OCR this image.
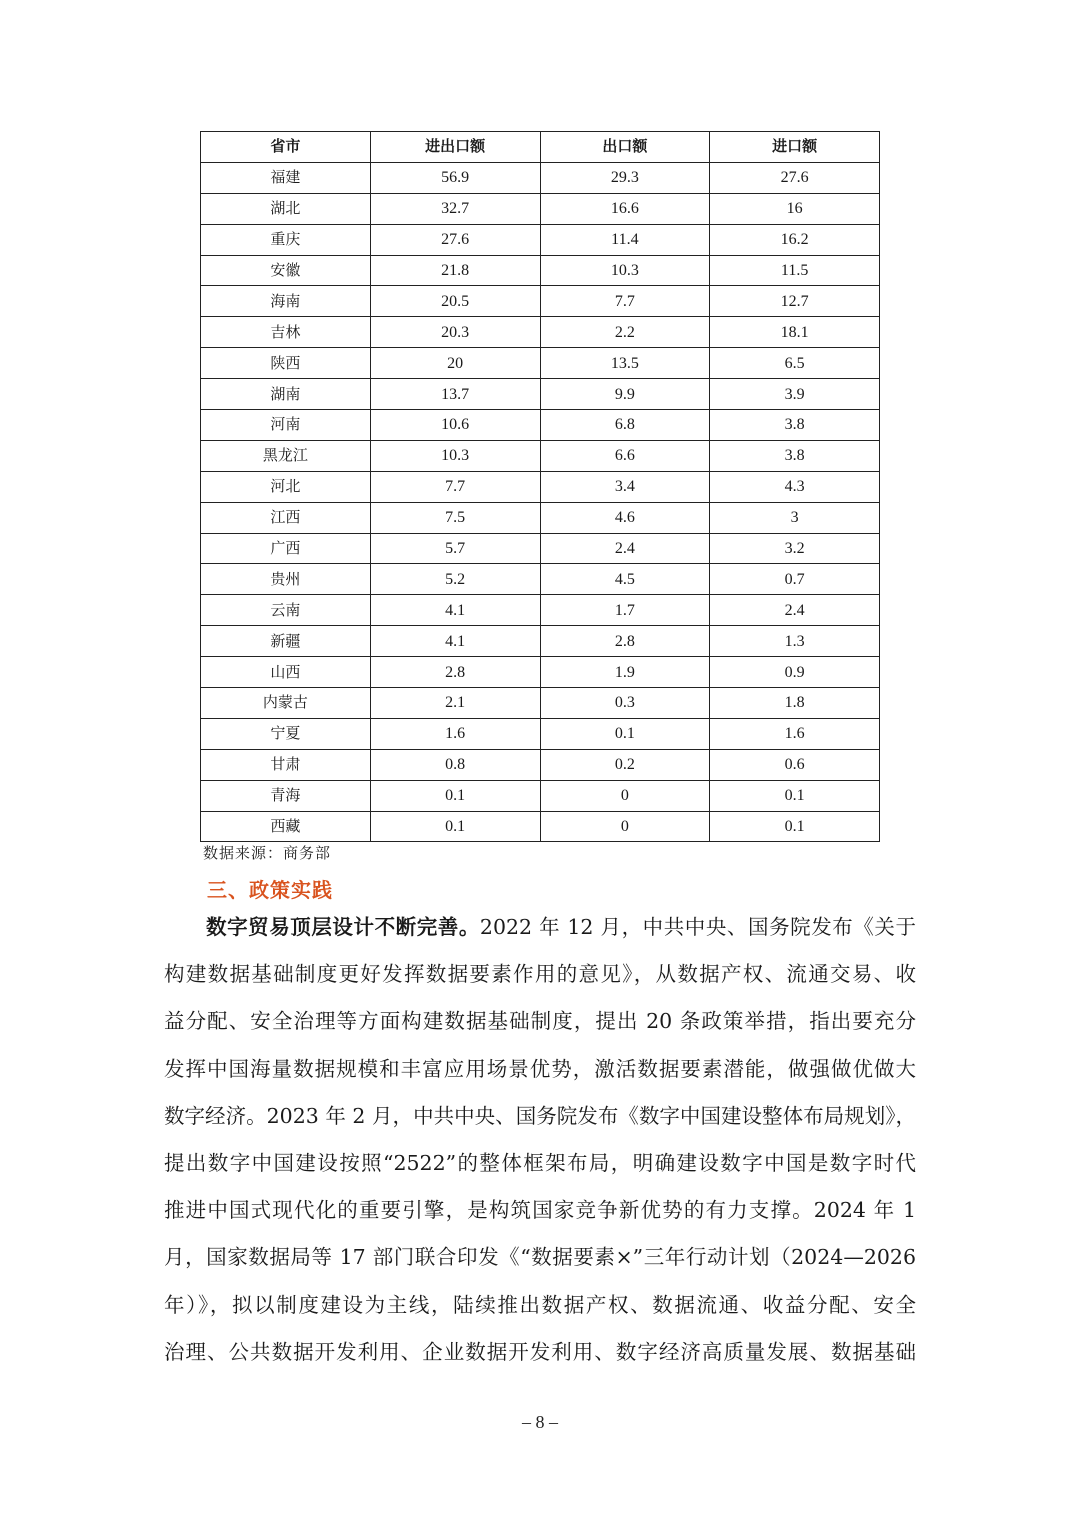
省市	进出口额	出口额	进口额
福建	56.9	29.3	27.6
湖北	32.7	16.6	16
重庆	27.6	11.4	16.2
安徽	21.8	10.3	11.5
海南	20.5	7.7	12.7
吉林	20.3	2.2	18.1
陕西	20	13.5	6.5
湖南	13.7	9.9	3.9
河南	10.6	6.8	3.8
黑龙江	10.3	6.6	3.8
河北	7.7	3.4	4.3
江西	7.5	4.6	3
广西	5.7	2.4	3.2
贵州	5.2	4.5	0.7
云南	4.1	1.7	2.4
新疆	4.1	2.8	1.3
山西	2.8	1.9	0.9
内蒙古	2.1	0.3	1.8
宁夏	1.6	0.1	1.6
甘肃	0.8	0.2	0.6
青海	0.1	0	0.1
西藏	0.1	0	0.1
数据来源：商务部
三、政策实践
数字贸易顶层设计不断完善。2022 年 12 月，中共中央、国务院发布《关于
构建数据基础制度更好发挥数据要素作用的意见》，从数据产权、流通交易、收
益分配、安全治理等方面构建数据基础制度，提出 20 条政策举措，指出要充分
发挥中国海量数据规模和丰富应用场景优势，激活数据要素潜能，做强做优做大
数字经济。2023 年 2 月，中共中央、国务院发布《数字中国建设整体布局规划》，
提出数字中国建设按照“2522”的整体框架布局，明确建设数字中国是数字时代
推进中国式现代化的重要引擎，是构筑国家竞争新优势的有力支撑。2024 年 1
月，国家数据局等 17 部门联合印发《“数据要素×”三年行动计划（2024—2026
年）》，拟以制度建设为主线，陆续推出数据产权、数据流通、收益分配、安全
治理、公共数据开发利用、企业数据开发利用、数字经济高质量发展、数据基础
– 8 –
